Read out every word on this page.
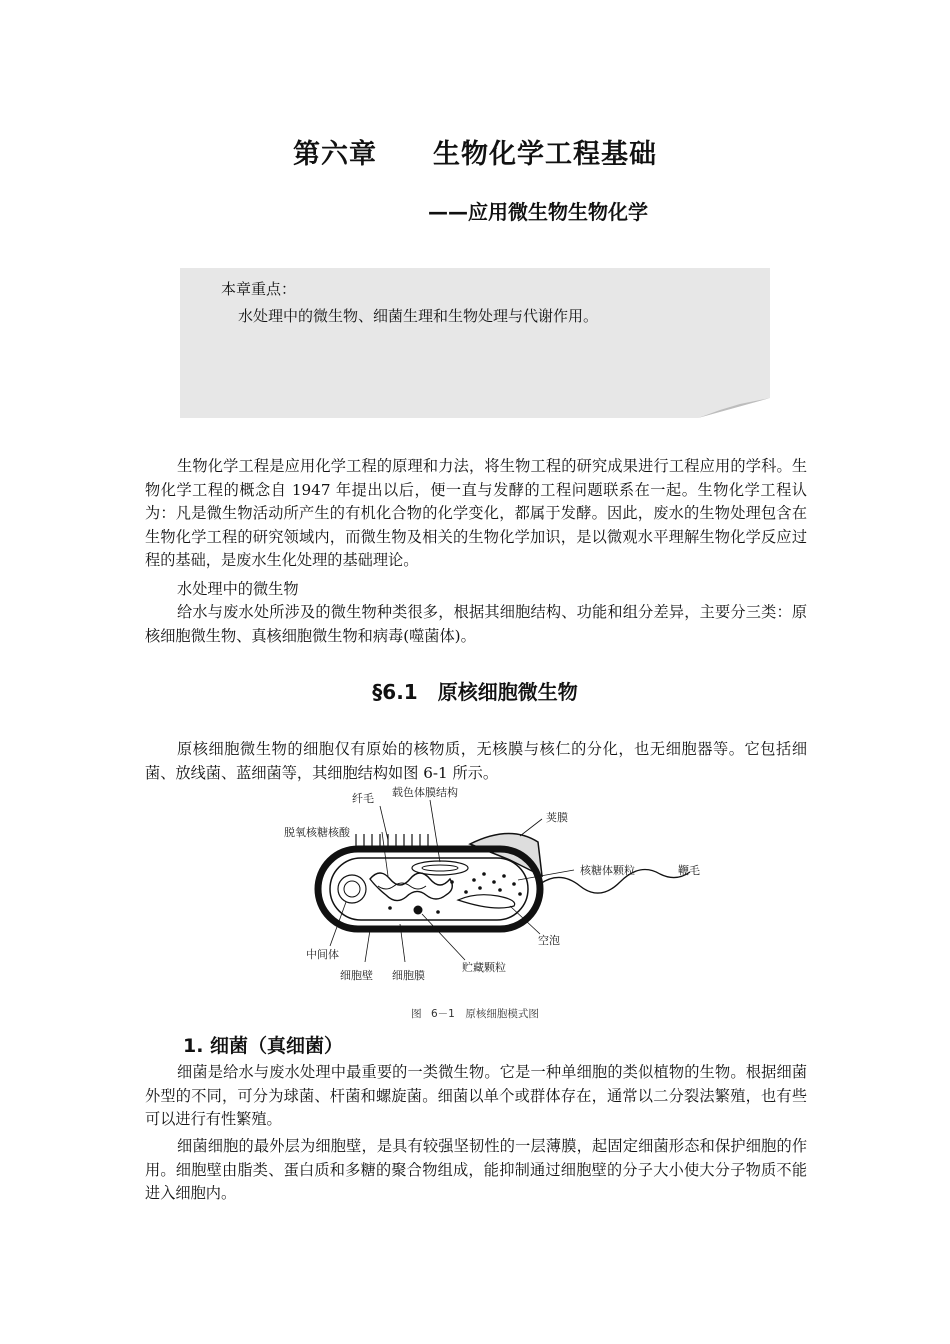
第六章　　生物化学工程基础
——应用微生物生物化学
本章重点：
水处理中的微生物、细菌生理和生物处理与代谢作用。

生物化学工程是应用化学工程的原理和力法，将生物工程的研究成果进行工程应用的学科。生物化学工程的概念自 1947 年提出以后，便一直与发酵的工程问题联系在一起。生物化学工程认为：凡是微生物活动所产生的有机化合物的化学变化，都属于发酵。因此，废水的生物处理包含在生物化学工程的研究领域内，而微生物及相关的生物化学加识，是以微观水平理解生物化学反应过程的基础，是废水生化处理的基础理论。

水处理中的微生物

给水与废水处所涉及的微生物种类很多，根据其细胞结构、功能和组分差异，主要分三类：原核细胞微生物、真核细胞微生物和病毒(噬菌体)。

§6.1　原核细胞微生物

原核细胞微生物的细胞仅有原始的核物质，无核膜与核仁的分化，也无细胞器等。它包括细菌、放线菌、蓝细菌等，其细胞结构如图 6-1 所示。

纤毛 载色体膜结构
荚膜
脱氧核糖核酸
核糖体颗粒	鞭毛
空泡
中间体
细胞壁 细胞膜
贮藏颗粒
图 6－1　原核细胞模式图
1. 细菌（真细菌）

细菌是给水与废水处理中最重要的一类微生物。它是一种单细胞的类似植物的生物。根据细菌外型的不同，可分为球菌、杆菌和螺旋菌。细菌以单个或群体存在，通常以二分裂法繁殖，也有些可以进行有性繁殖。

细菌细胞的最外层为细胞壁，是具有较强坚韧性的一层薄膜，起固定细菌形态和保护细胞的作用。细胞壁由脂类、蛋白质和多糖的聚合物组成，能抑制通过细胞壁的分子大小使大分子物质不能进入细胞内。
